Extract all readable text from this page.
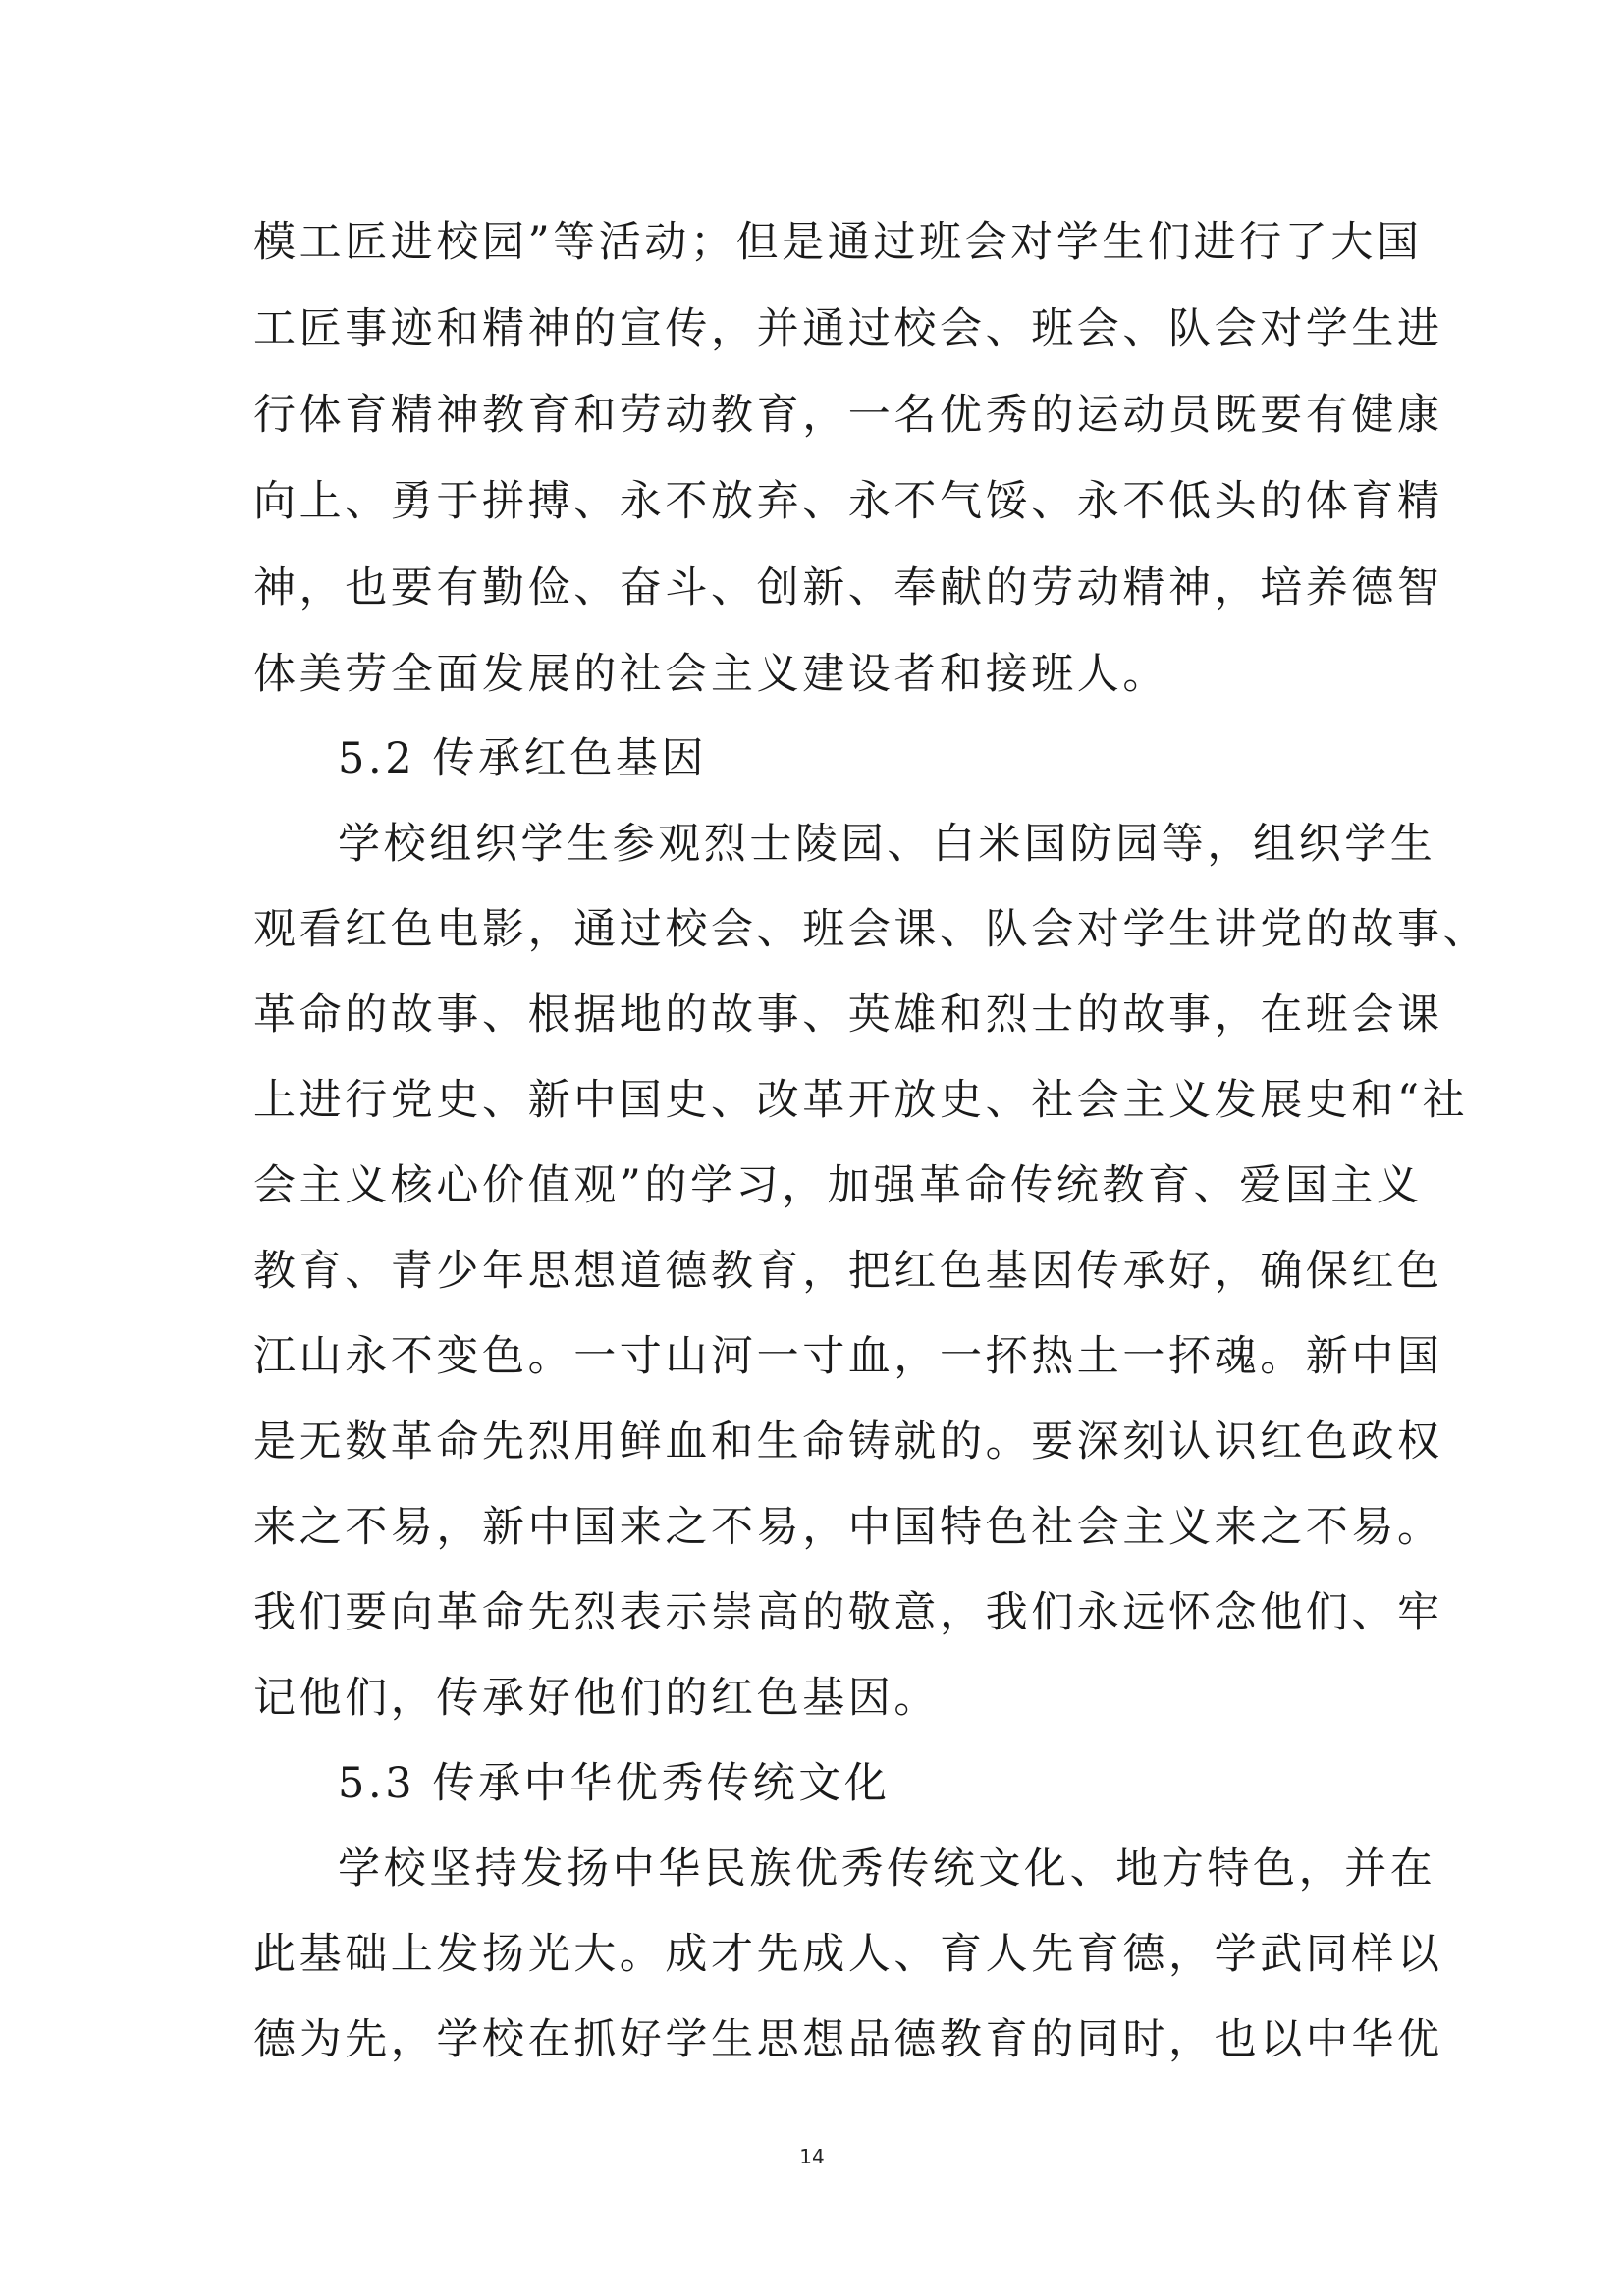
模工匠进校园”等活动；但是通过班会对学生们进行了大国
工匠事迹和精神的宣传，并通过校会、班会、队会对学生进
行体育精神教育和劳动教育，一名优秀的运动员既要有健康
向上、勇于拼搏、永不放弃、永不气馁、永不低头的体育精
神，也要有勤俭、奋斗、创新、奉献的劳动精神，培养德智
体美劳全面发展的社会主义建设者和接班人。
5.2 传承红色基因
学校组织学生参观烈士陵园、白米国防园等，组织学生
观看红色电影，通过校会、班会课、队会对学生讲党的故事、
革命的故事、根据地的故事、英雄和烈士的故事，在班会课
上进行党史、新中国史、改革开放史、社会主义发展史和“社
会主义核心价值观”的学习，加强革命传统教育、爱国主义
教育、青少年思想道德教育，把红色基因传承好，确保红色
江山永不变色。一寸山河一寸血，一抔热土一抔魂。新中国
是无数革命先烈用鲜血和生命铸就的。要深刻认识红色政权
来之不易，新中国来之不易，中国特色社会主义来之不易。
我们要向革命先烈表示崇高的敬意，我们永远怀念他们、牢
记他们，传承好他们的红色基因。
5.3 传承中华优秀传统文化
学校坚持发扬中华民族优秀传统文化、地方特色，并在
此基础上发扬光大。成才先成人、育人先育德，学武同样以
德为先，学校在抓好学生思想品德教育的同时，也以中华优
14
